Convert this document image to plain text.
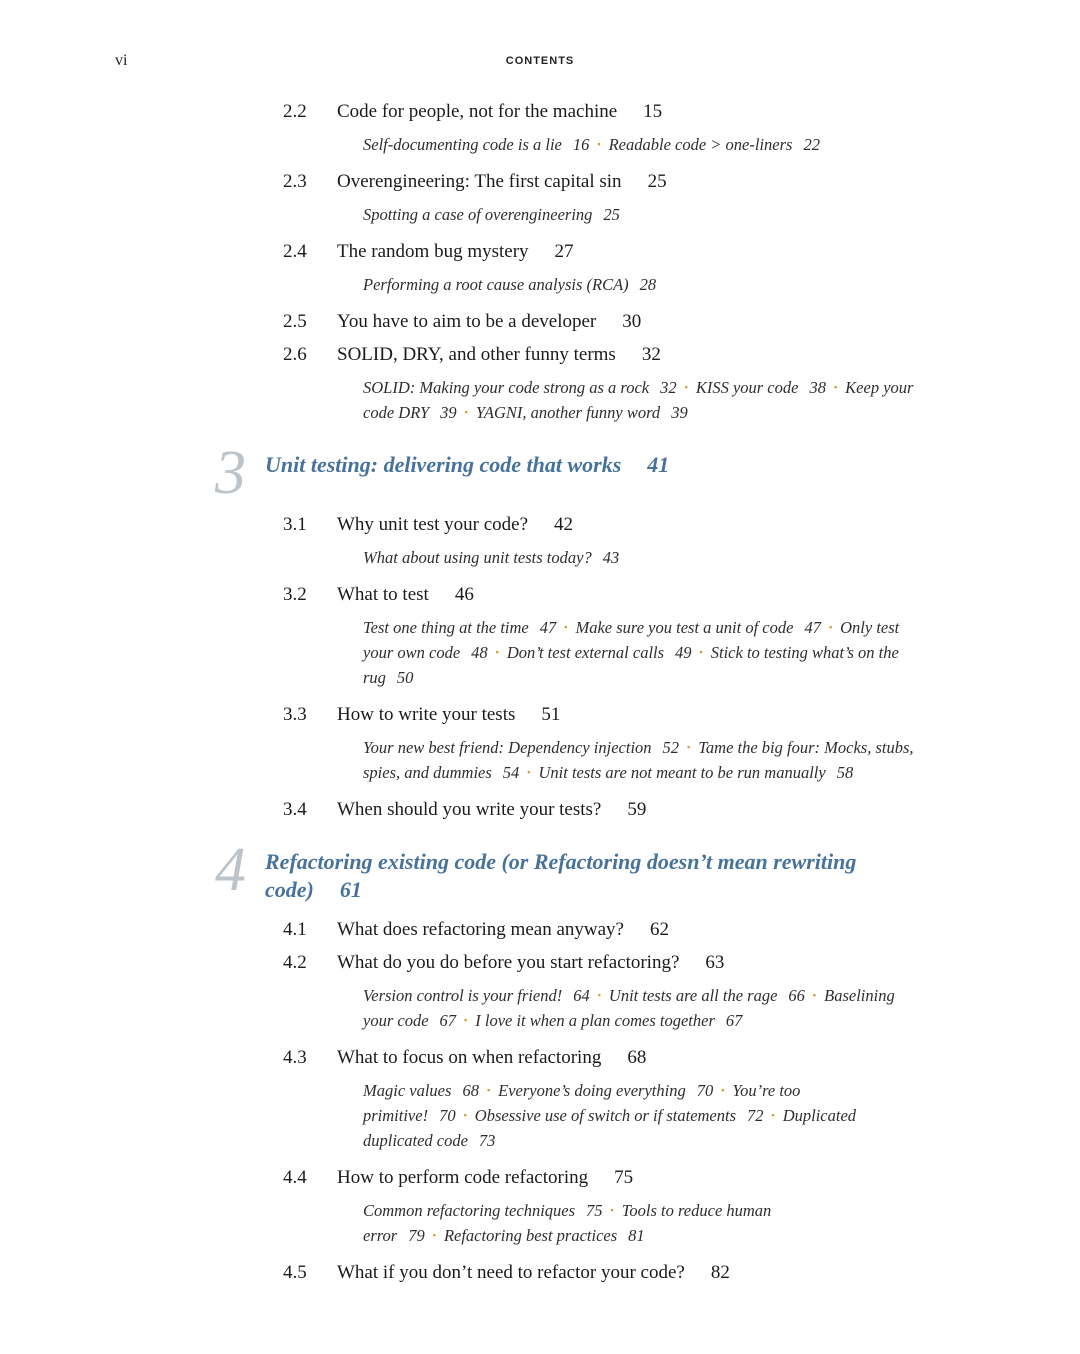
vi	CONTENTS
2.2 Code for people, not for the machine 15
Self-documenting code is a lie 16 ▪ Readable code > one-liners 22
2.3 Overengineering: The first capital sin 25
Spotting a case of overengineering 25
2.4 The random bug mystery 27
Performing a root cause analysis (RCA) 28
2.5 You have to aim to be a developer 30
2.6 SOLID, DRY, and other funny terms 32
SOLID: Making your code strong as a rock 32 ▪ KISS your code 38 ▪ Keep your code DRY 39 ▪ YAGNI, another funny word 39
3 Unit testing: delivering code that works 41
3.1 Why unit test your code? 42
What about using unit tests today? 43
3.2 What to test 46
Test one thing at the time 47 ▪ Make sure you test a unit of code 47 ▪ Only test your own code 48 ▪ Don’t test external calls 49 ▪ Stick to testing what’s on the rug 50
3.3 How to write your tests 51
Your new best friend: Dependency injection 52 ▪ Tame the big four: Mocks, stubs, spies, and dummies 54 ▪ Unit tests are not meant to be run manually 58
3.4 When should you write your tests? 59
4 Refactoring existing code (or Refactoring doesn’t mean rewriting code) 61
4.1 What does refactoring mean anyway? 62
4.2 What do you do before you start refactoring? 63
Version control is your friend! 64 ▪ Unit tests are all the rage 66 ▪ Baselining your code 67 ▪ I love it when a plan comes together 67
4.3 What to focus on when refactoring 68
Magic values 68 ▪ Everyone’s doing everything 70 ▪ You’re too primitive! 70 ▪ Obsessive use of switch or if statements 72 ▪ Duplicated duplicated code 73
4.4 How to perform code refactoring 75
Common refactoring techniques 75 ▪ Tools to reduce human error 79 ▪ Refactoring best practices 81
4.5 What if you don’t need to refactor your code? 82
